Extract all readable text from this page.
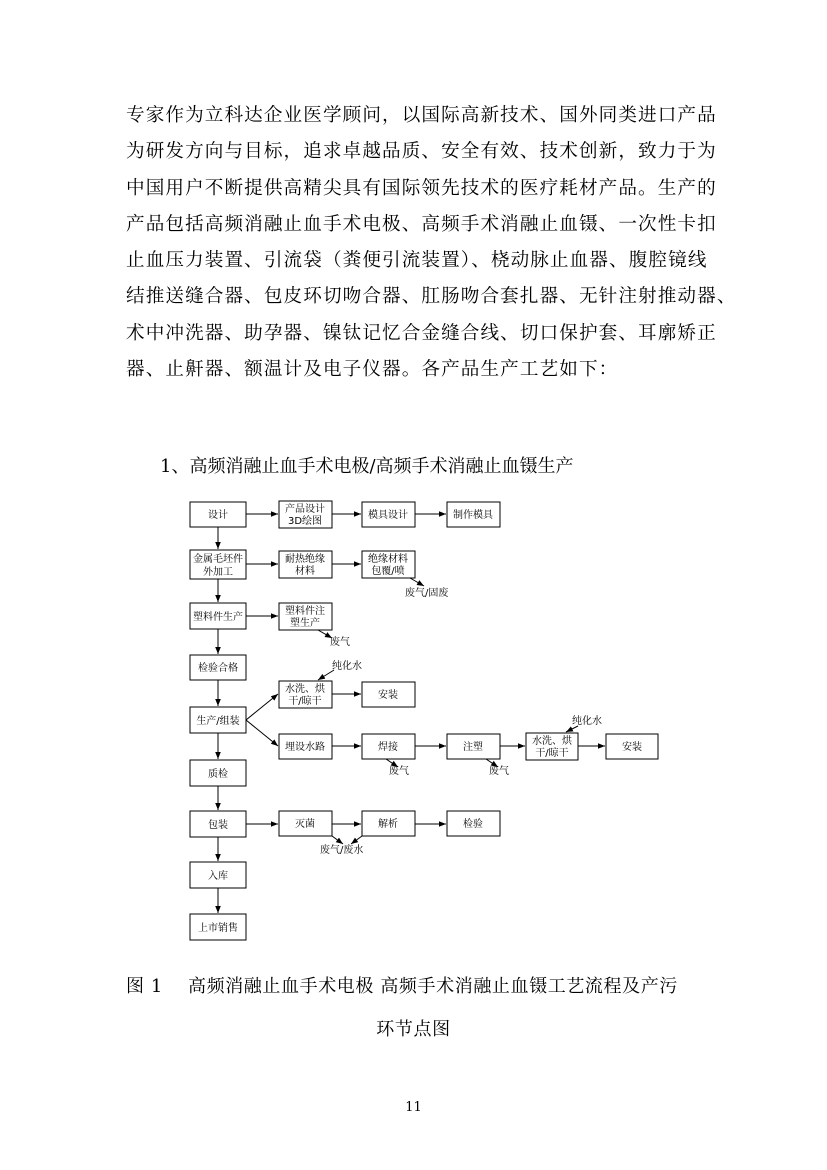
专家作为立科达企业医学顾问，以国际高新技术、国外同类进口产品
为研发方向与目标，追求卓越品质、安全有效、技术创新，致力于为
中国用户不断提供高精尖具有国际领先技术的医疗耗材产品。生产的
产品包括高频消融止血手术电极、高频手术消融止血镊、一次性卡扣
止血压力装置、引流袋（粪便引流装置）、桡动脉止血器、腹腔镜线
结推送缝合器、包皮环切吻合器、肛肠吻合套扎器、无针注射推动器、
术中冲洗器、助孕器、镍钛记忆合金缝合线、切口保护套、耳廓矫正
器、止鼾器、额温计及电子仪器。各产品生产工艺如下：

1、高频消融止血手术电极/高频手术消融止血镊生产

设计
金属毛坯件
外加工
塑料件生产
检验合格
生产/组装
质检
包装
入库
上市销售
产品设计
3D绘图
模具设计	制作模具
耐热绝缘
材料
绝缘材料
包覆/喷
塑料件注
塑生产
水洗、烘
干/晾干
安装
埋设水路	焊接	注塑
水洗、烘
干/晾干
安装
灭菌	解析	检验
废气/固废
废气
纯化水
废气	废气
纯化水
废气/废水

图 1 高频消融止血手术电极 高频手术消融止血镊工艺流程及产污

环节点图

11
